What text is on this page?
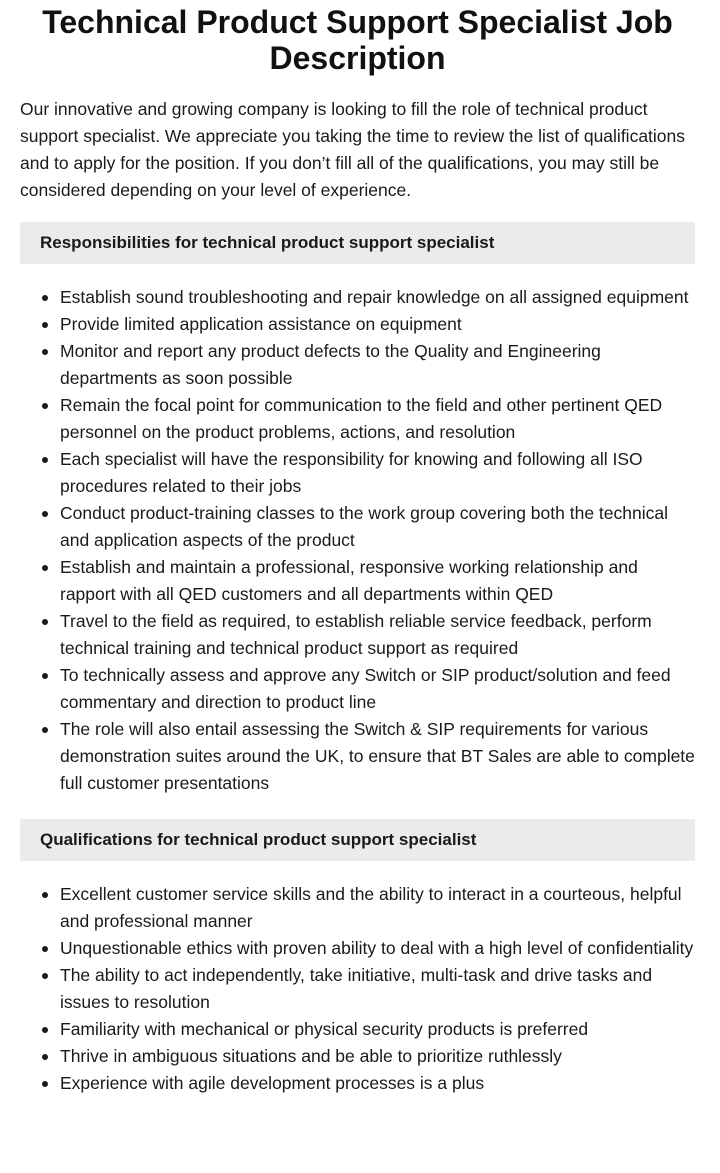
Technical Product Support Specialist Job Description

Our innovative and growing company is looking to fill the role of technical product support specialist. We appreciate you taking the time to review the list of qualifications and to apply for the position. If you don’t fill all of the qualifications, you may still be considered depending on your level of experience.

Responsibilities for technical product support specialist
Establish sound troubleshooting and repair knowledge on all assigned equipment
Provide limited application assistance on equipment
Monitor and report any product defects to the Quality and Engineering departments as soon possible
Remain the focal point for communication to the field and other pertinent QED personnel on the product problems, actions, and resolution
Each specialist will have the responsibility for knowing and following all ISO procedures related to their jobs
Conduct product-training classes to the work group covering both the technical and application aspects of the product
Establish and maintain a professional, responsive working relationship and rapport with all QED customers and all departments within QED
Travel to the field as required, to establish reliable service feedback, perform technical training and technical product support as required
To technically assess and approve any Switch or SIP product/solution and feed commentary and direction to product line
The role will also entail assessing the Switch & SIP requirements for various demonstration suites around the UK, to ensure that BT Sales are able to complete full customer presentations
Qualifications for technical product support specialist
Excellent customer service skills and the ability to interact in a courteous, helpful and professional manner
Unquestionable ethics with proven ability to deal with a high level of confidentiality
The ability to act independently, take initiative, multi-task and drive tasks and issues to resolution
Familiarity with mechanical or physical security products is preferred
Thrive in ambiguous situations and be able to prioritize ruthlessly
Experience with agile development processes is a plus
